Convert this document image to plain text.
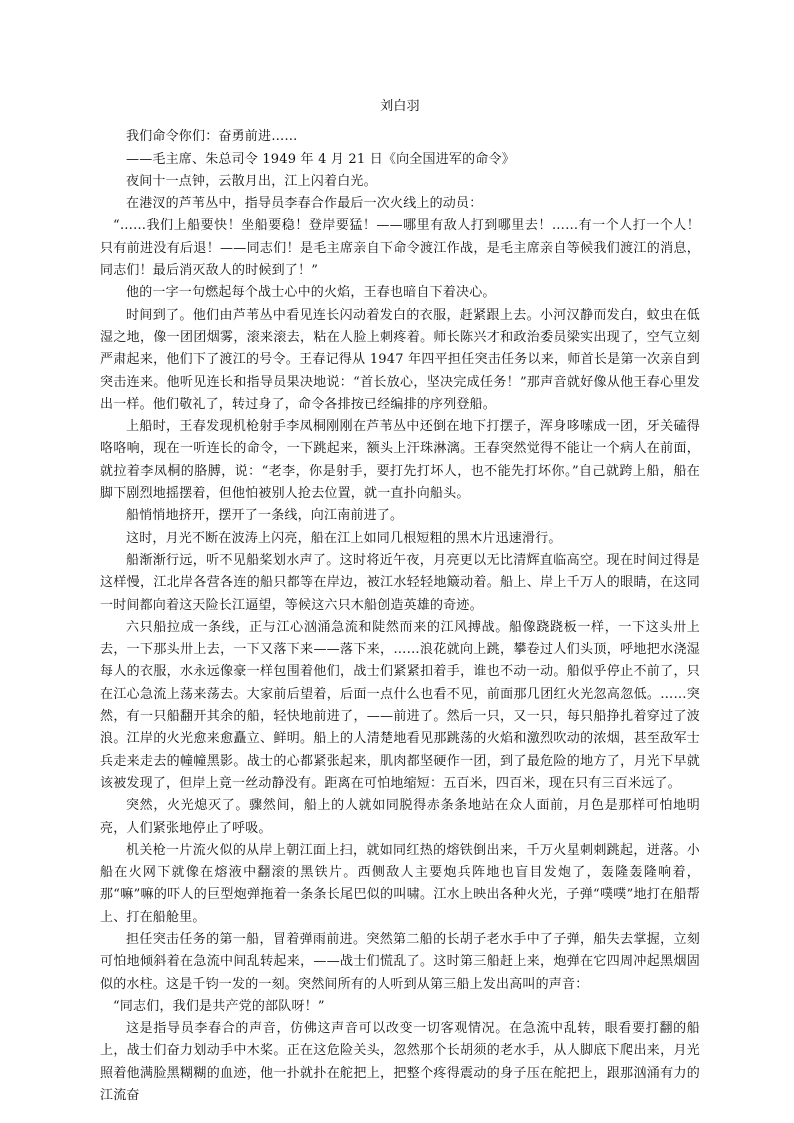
刘白羽

我们命令你们：奋勇前进……

——毛主席、朱总司令 1949 年 4 月 21 日《向全国进军的命令》

夜间十一点钟，云散月出，江上闪着白光。

在港汊的芦苇丛中，指导员李春合作最后一次火线上的动员：

“……我们上船要快！坐船要稳！登岸要猛！——哪里有敌人打到哪里去！……有一个人打一个人！只有前进没有后退！——同志们！是毛主席亲自下命令渡江作战，是毛主席亲自等候我们渡江的消息，同志们！最后消灭敌人的时候到了！”

他的一字一句燃起每个战士心中的火焰，王春也暗自下着决心。

时间到了。他们由芦苇丛中看见连长闪动着发白的衣服，赶紧跟上去。小河汉静而发白，蚊虫在低湿之地，像一团团烟雾，滚来滚去，粘在人脸上刺疼着。师长陈兴才和政治委员梁实出现了，空气立刻严肃起来，他们下了渡江的号令。王春记得从 1947 年四平担任突击任务以来，师首长是第一次亲自到突击连来。他听见连长和指导员果决地说：“首长放心，坚决完成任务！”那声音就好像从他王春心里发出一样。他们敬礼了，转过身了，命令各排按已经编排的序列登船。

上船时，王春发现机枪射手李凤桐刚刚在芦苇丛中还倒在地下打摆子，浑身哆嗦成一团，牙关磕得咯咯响，现在一听连长的命令，一下跳起来，额头上汗珠淋漓。王春突然觉得不能让一个病人在前面，就拉着李凤桐的胳膊，说：“老李，你是射手，要打先打坏人，也不能先打坏你。”自己就跨上船，船在脚下剧烈地摇摆着，但他怕被别人抢去位置，就一直扑向船头。

船悄悄地挤开，摆开了一条线，向江南前进了。

这时，月光不断在波涛上闪亮，船在江上如同几根短粗的黑木片迅速滑行。

船渐渐行远，听不见船桨划水声了。这时将近午夜，月亮更以无比清辉直临高空。现在时间过得是这样慢，江北岸各营各连的船只都等在岸边，被江水轻轻地簸动着。船上、岸上千万人的眼睛，在这同一时间都向着这天险长江逼望，等候这六只木船创造英雄的奇迹。

六只船拉成一条线，正与江心汹涌急流和陡然而来的江风搏战。船像跷跷板一样，一下这头卅上去，一下那头卅上去，一下又落下来——落下来，……浪花就向上跳，攀卷过人们头顶，呼地把水浇湿每人的衣服，水永远像豪一样包围着他们，战士们紧紧扣着手，谁也不动一动。船似乎停止不前了，只在江心急流上荡来荡去。大家前后望着，后面一点什么也看不见，前面那几团红火光忽高忽低。……突然，有一只船翻开其余的船，轻快地前进了，——前进了。然后一只，又一只，每只船挣扎着穿过了波浪。江岸的火光愈来愈矗立、鲜明。船上的人清楚地看见那跳荡的火焰和激烈吹动的浓烟，甚至敌军士兵走来走去的幢幢黑影。战士的心都紧张起来，肌肉都坚硬作一团，到了最危险的地方了，月光下早就该被发现了，但岸上竟一丝动静没有。距离在可怕地缩短：五百米，四百米，现在只有三百米远了。

突然，火光熄灭了。骤然间，船上的人就如同脱得赤条条地站在众人面前，月色是那样可怕地明亮，人们紧张地停止了呼吸。

机关枪一片流火似的从岸上朝江面上扫，就如同红热的熔铁倒出来，千万火星刺刺跳起，迸落。小船在火网下就像在熔液中翻滚的黑铁片。西侧敌人主要炮兵阵地也盲目发炮了，轰隆轰隆响着，那“嘛”嘛的吓人的巨型炮弹拖着一条条长尾巴似的叫啸。江水上映出各种火光，子弹“噗噗”地打在船帮上、打在船舱里。

担任突击任务的第一船，冒着弹雨前进。突然第二船的长胡子老水手中了子弹，船失去掌握，立刻可怕地倾斜着在急流中间乱转起来，——战士们慌乱了。这时第三船赶上来，炮弹在它四周冲起黑烟固似的水柱。这是千钧一发的一刻。突然间所有的人听到从第三船上发出高叫的声音：

“同志们，我们是共产党的部队呀！”

这是指导员李春合的声音，仿佛这声音可以改变一切客观情况。在急流中乱转，眼看要打翻的船上，战士们奋力划动手中木桨。正在这危险关头，忽然那个长胡须的老水手，从人脚底下爬出来，月光照着他满脸黑糊糊的血迹，他一扑就扑在舵把上，把整个疼得震动的身子压在舵把上，跟那汹涌有力的江流奋
